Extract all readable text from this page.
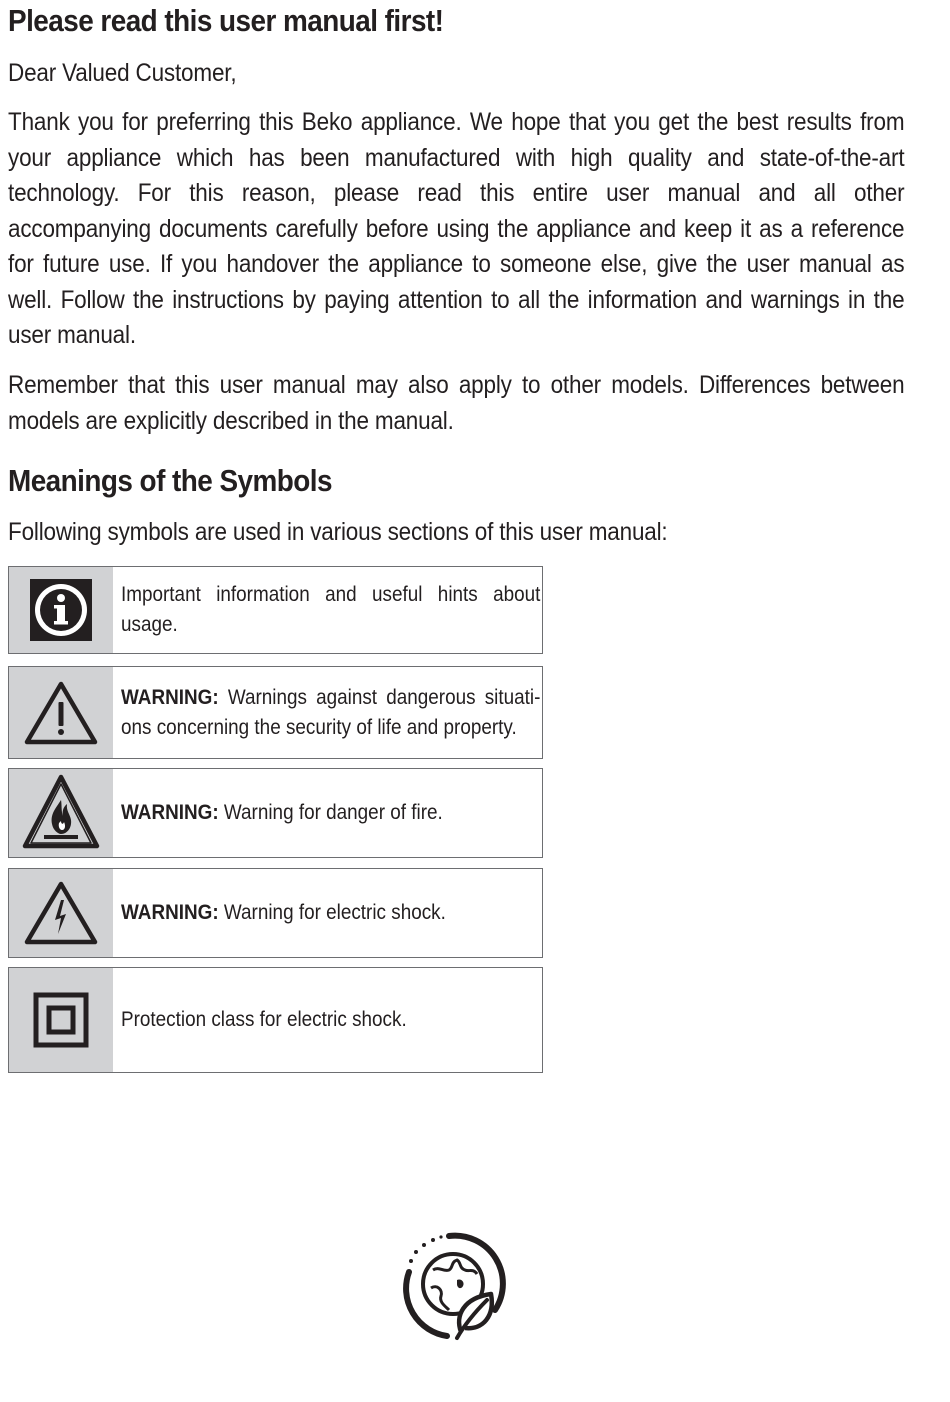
Please read this user manual first!

Dear Valued Customer,

Thank you for preferring this Beko appliance. We hope that you get the best results from your appliance which has been manufactured with high quality and state-of-the-art technology. For this reason, please read this entire user manual and all other accompanying documents carefully before using the appliance and keep it as a reference for future use. If you handover the appliance to someone else, give the user manual as well. Follow the instructions by paying attention to all the information and warnings in the user manual.

Remember that this user manual may also apply to other models. Differences between models are explicitly described in the manual.

Meanings of the Symbols

Following symbols are used in various sections of this user manual:

Important information and useful hints about usage.
WARNING: Warnings against dangerous situati-ons concerning the security of life and property.
WARNING: Warning for danger of fire.
WARNING: Warning for electric shock.
Protection class for electric shock.
